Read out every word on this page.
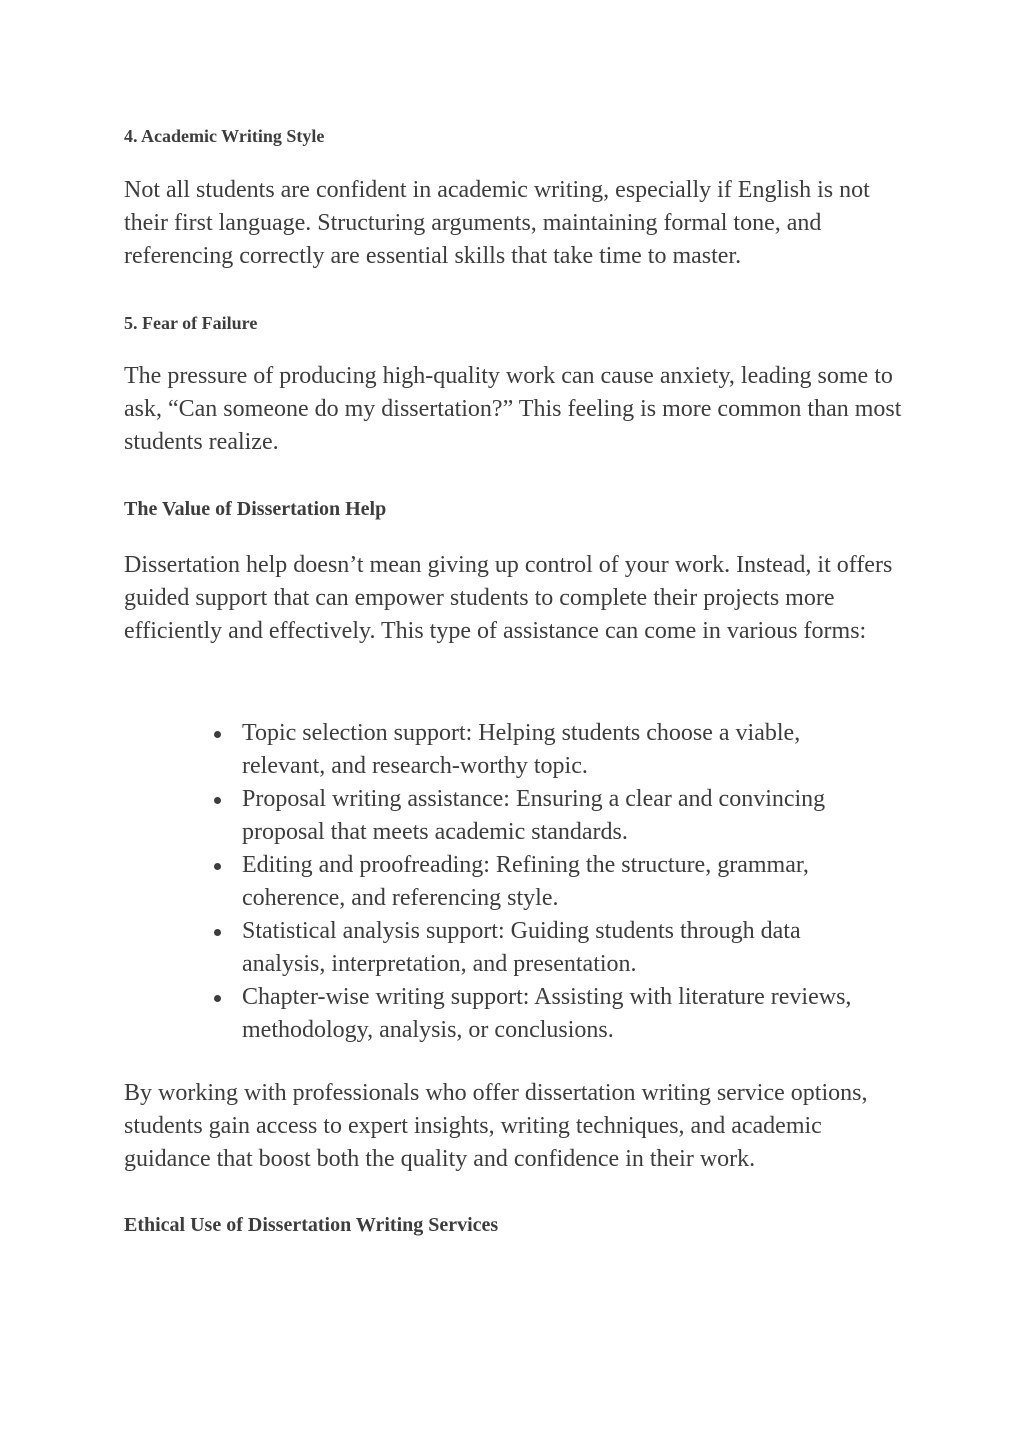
4. Academic Writing Style

Not all students are confident in academic writing, especially if English is not their first language. Structuring arguments, maintaining formal tone, and referencing correctly are essential skills that take time to master.

5. Fear of Failure

The pressure of producing high-quality work can cause anxiety, leading some to ask, “Can someone do my dissertation?” This feeling is more common than most students realize.

The Value of Dissertation Help

Dissertation help doesn’t mean giving up control of your work. Instead, it offers guided support that can empower students to complete their projects more efficiently and effectively. This type of assistance can come in various forms:

Topic selection support: Helping students choose a viable, relevant, and research-worthy topic.
Proposal writing assistance: Ensuring a clear and convincing proposal that meets academic standards.
Editing and proofreading: Refining the structure, grammar, coherence, and referencing style.
Statistical analysis support: Guiding students through data analysis, interpretation, and presentation.
Chapter-wise writing support: Assisting with literature reviews, methodology, analysis, or conclusions.

By working with professionals who offer dissertation writing service options, students gain access to expert insights, writing techniques, and academic guidance that boost both the quality and confidence in their work.

Ethical Use of Dissertation Writing Services
